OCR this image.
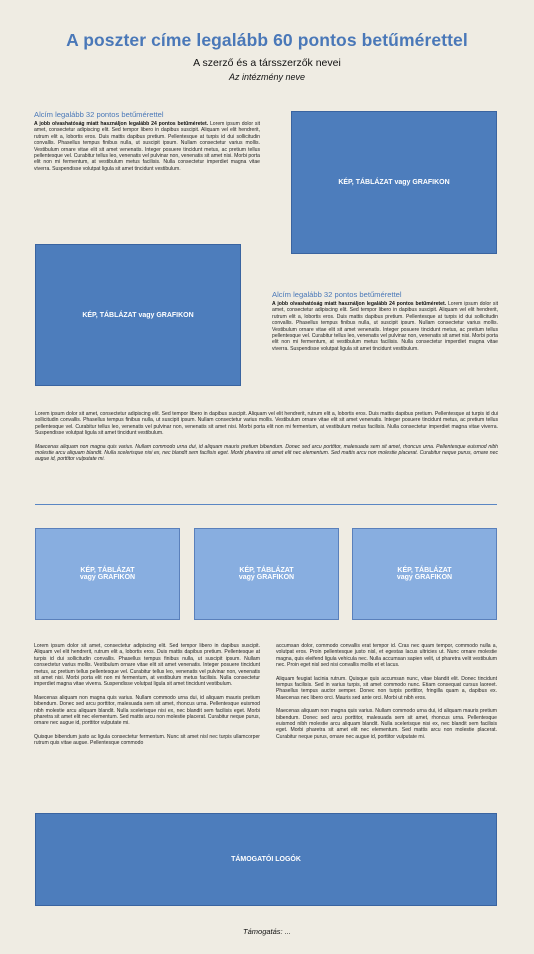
A poszter címe legalább 60 pontos betűmérettel
A szerző és a társszerzők nevei
Az intézmény neve
Alcím legalább 32 pontos betűmérettel

A jobb olvashatóság miatt használjon legalább 24 pontos betűméretet. Lorem ipsum dolor sit amet, consectetur adipiscing elit. Sed tempor libero in dapibus suscipit. Aliquam vel elit hendrerit, rutrum elit a, lobortis eros. Duis mattis dapibus pretium. Pellentesque at turpis id dui sollicitudin convallis. Phasellus tempus finibus nulla, ut suscipit ipsum. Nullam consectetur varius mollis. Vestibulum ornare vitae elit sit amet venenatis. Integer posuere tincidunt metus, ac pretium tellus pellentesque vel. Curabitur tellus leo, venenatis vel pulvinar non, venenatis sit amet nisi. Morbi porta elit non mi fermentum, at vestibulum metus facilisis. Nulla consectetur imperdiet magna vitae viverra. Suspendisse volutpat ligula sit amet tincidunt vestibulum.

KÉP, TÁBLÁZAT vagy GRAFIKON
KÉP, TÁBLÁZAT vagy GRAFIKON
Alcím legalább 32 pontos betűmérettel

A jobb olvashatóság miatt használjon legalább 24 pontos betűméretet. Lorem ipsum dolor sit amet, consectetur adipiscing elit. Sed tempor libero in dapibus suscipit. Aliquam vel elit hendrerit, rutrum elit a, lobortis eros. Duis mattis dapibus pretium. Pellentesque at turpis id dui sollicitudin convallis. Phasellus tempus finibus nulla, ut suscipit ipsum. Nullam consectetur varius mollis. Vestibulum ornare vitae elit sit amet venenatis. Integer posuere tincidunt metus, ac pretium tellus pellentesque vel. Curabitur tellus leo, venenatis vel pulvinar non, venenatis sit amet nisi. Morbi porta elit non mi fermentum, at vestibulum metus facilisis. Nulla consectetur imperdiet magna vitae viverra. Suspendisse volutpat ligula sit amet tincidunt vestibulum.

Lorem ipsum dolor sit amet, consectetur adipiscing elit. Sed tempor libero in dapibus suscipit. Aliquam vel elit hendrerit, rutrum elit a, lobortis eros. Duis mattis dapibus pretium. Pellentesque at turpis id dui sollicitudin convallis. Phasellus tempus finibus nulla, ut suscipit ipsum. Nullam consectetur varius mollis. Vestibulum ornare vitae elit sit amet venenatis. Integer posuere tincidunt metus, ac pretium tellus pellentesque vel. Curabitur tellus leo, venenatis vel pulvinar non, venenatis sit amet nisi. Morbi porta elit non mi fermentum, at vestibulum metus facilisis. Nulla consectetur imperdiet magna vitae viverra. Suspendisse volutpat ligula sit amet tincidunt vestibulum.

Maecenas aliquam non magna quis varius. Nullam commodo urna dui, id aliquam mauris pretium bibendum. Donec sed arcu porttitor, malesuada sem sit amet, rhoncus urna. Pellentesque euismod nibh molestie arcu aliquam blandit. Nulla scelerisque nisi ex, nec blandit sem facilisis eget. Morbi pharetra sit amet elit nec elementum. Sed mattis arcu non molestie placerat. Curabitur neque purus, ornare nec augue id, porttitor vulputate mi.

KÉP, TÁBLÁZAT
vagy GRAFIKON
KÉP, TÁBLÁZAT
vagy GRAFIKON
KÉP, TÁBLÁZAT
vagy GRAFIKON

Lorem ipsum dolor sit amet, consectetur adipiscing elit. Sed tempor libero in dapibus suscipit. Aliquam vel elit hendrerit, rutrum elit a, lobortis eros. Duis mattis dapibus pretium. Pellentesque at turpis id dui sollicitudin convallis. Phasellus tempus finibus nulla, ut suscipit ipsum. Nullam consectetur varius mollis. Vestibulum ornare vitae elit sit amet venenatis. Integer posuere tincidunt metus, ac pretium tellus pellentesque vel. Curabitur tellus leo, venenatis vel pulvinar non, venenatis sit amet nisi. Morbi porta elit non mi fermentum, at vestibulum metus facilisis. Nulla consectetur imperdiet magna vitae viverra. Suspendisse volutpat ligula sit amet tincidunt vestibulum.

Maecenas aliquam non magna quis varius. Nullam commodo urna dui, id aliquam mauris pretium bibendum. Donec sed arcu porttitor, malesuada sem sit amet, rhoncus urna. Pellentesque euismod nibh molestie arcu aliquam blandit. Nulla scelerisque nisi ex, nec blandit sem facilisis eget. Morbi pharetra sit amet elit nec elementum. Sed mattis arcu non molestie placerat. Curabitur neque purus, ornare nec augue id, porttitor vulputate mi.

Quisque bibendum justo ac ligula consectetur fermentum. Nunc sit amet nisl nec turpis ullamcorper rutrum quis vitae augue. Pellentesque commodo

accumsan dolor, commodo convallis erat tempor id. Cras nec quam tempor, commodo nulla a, volutpat eros. Proin pellentesque justo nisl, et egestas lacus ultricies ut. Nunc ornare molestie magna, quis eleifend ligula vehicula nec. Nulla accumsan sapien velit, ut pharetra velit vestibulum nec. Proin eget nisl sed nisi convallis mollis et et lacus.

Aliquam feugiat lacinia rutrum. Quisque quis accumsan nunc, vitae blandit elit. Donec tincidunt tempus facilisis. Sed in varius turpis, sit amet commodo nunc. Etiam consequat cursus laoreet. Phasellus tempus auctor semper. Donec non turpis porttitor, fringilla quam a, dapibus ex. Maecenas nec libero orci. Mauris sed ante orci. Morbi ut nibh eros.

Maecenas aliquam non magna quis varius. Nullam commodo urna dui, id aliquam mauris pretium bibendum. Donec sed arcu porttitor, malesuada sem sit amet, rhoncus urna. Pellentesque euismod nibh molestie arcu aliquam blandit. Nulla scelerisque nisi ex, nec blandit sem facilisis eget. Morbi pharetra sit amet elit nec elementum. Sed mattis arcu non molestie placerat. Curabitur neque purus, ornare nec augue id, porttitor vulputate mi.

TÁMOGATÓI LOGÓK
Támogatás: ...
